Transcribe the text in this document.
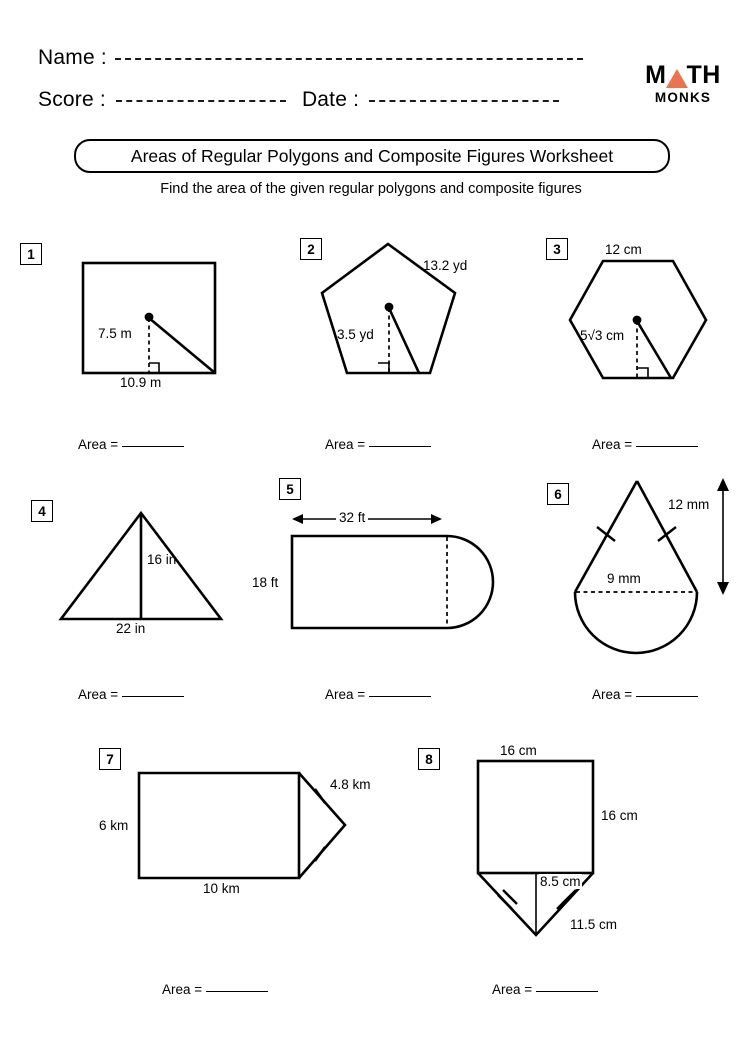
Name :
Score :	Date :
M TH
MONKS
Areas of Regular Polygons and Composite Figures Worksheet
Find the area of the given regular polygons and composite figures
1
7.5 m
10.9 m
2
3.5 yd
13.2 yd
3	12 cm
5√3 cm
Area =	Area =	Area =
4
16 in
22 in
5
32 ft
18 ft
6
12 mm
9 mm
Area =	Area =	Area =
7
6 km
10 km
4.8 km
8
16 cm
16 cm
8.5 cm
11.5 cm
Area =	Area =
